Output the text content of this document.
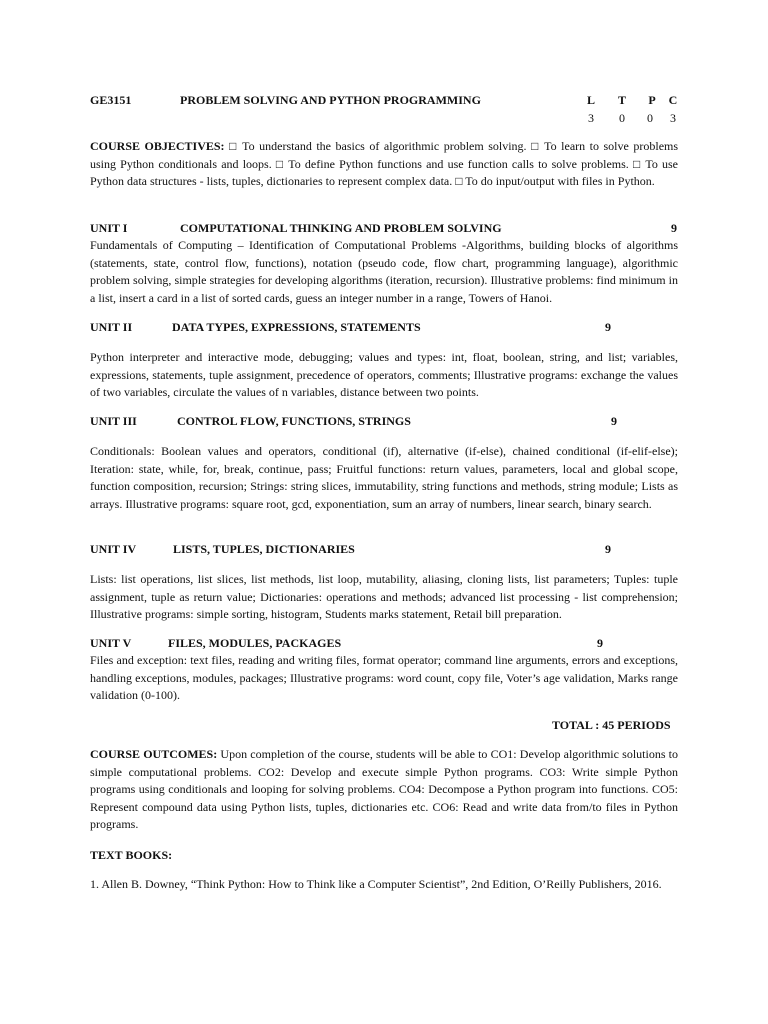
GE3151	PROBLEM SOLVING AND PYTHON PROGRAMMING	L T P C
3	0	0	3

COURSE OBJECTIVES: □ To understand the basics of algorithmic problem solving. □ To learn to solve problems using Python conditionals and loops. □ To define Python functions and use function calls to solve problems. □ To use Python data structures - lists, tuples, dictionaries to represent complex data. □ To do input/output with files in Python.

UNIT I	COMPUTATIONAL THINKING AND PROBLEM SOLVING	9

Fundamentals of Computing – Identification of Computational Problems -Algorithms, building blocks of algorithms (statements, state, control flow, functions), notation (pseudo code, flow chart, programming language), algorithmic problem solving, simple strategies for developing algorithms (iteration, recursion). Illustrative problems: find minimum in a list, insert a card in a list of sorted cards, guess an integer number in a range, Towers of Hanoi.

UNIT II	DATA TYPES, EXPRESSIONS, STATEMENTS	9

Python interpreter and interactive mode, debugging; values and types: int, float, boolean, string, and list; variables, expressions, statements, tuple assignment, precedence of operators, comments; Illustrative programs: exchange the values of two variables, circulate the values of n variables, distance between two points.

UNIT III	CONTROL FLOW, FUNCTIONS, STRINGS	9

Conditionals: Boolean values and operators, conditional (if), alternative (if-else), chained conditional (if-elif-else); Iteration: state, while, for, break, continue, pass; Fruitful functions: return values, parameters, local and global scope, function composition, recursion; Strings: string slices, immutability, string functions and methods, string module; Lists as arrays. Illustrative programs: square root, gcd, exponentiation, sum an array of numbers, linear search, binary search.

UNIT IV	LISTS, TUPLES, DICTIONARIES	9

Lists: list operations, list slices, list methods, list loop, mutability, aliasing, cloning lists, list parameters; Tuples: tuple assignment, tuple as return value; Dictionaries: operations and methods; advanced list processing - list comprehension; Illustrative programs: simple sorting, histogram, Students marks statement, Retail bill preparation.

UNIT V	FILES, MODULES, PACKAGES	9

Files and exception: text files, reading and writing files, format operator; command line arguments, errors and exceptions, handling exceptions, modules, packages; Illustrative programs: word count, copy file, Voter’s age validation, Marks range validation (0-100).

TOTAL : 45 PERIODS

COURSE OUTCOMES: Upon completion of the course, students will be able to CO1: Develop algorithmic solutions to simple computational problems. CO2: Develop and execute simple Python programs. CO3: Write simple Python programs using conditionals and looping for solving problems. CO4: Decompose a Python program into functions. CO5: Represent compound data using Python lists, tuples, dictionaries etc. CO6: Read and write data from/to files in Python programs.

TEXT BOOKS:

1. Allen B. Downey, “Think Python: How to Think like a Computer Scientist”, 2nd Edition, O’Reilly Publishers, 2016.
